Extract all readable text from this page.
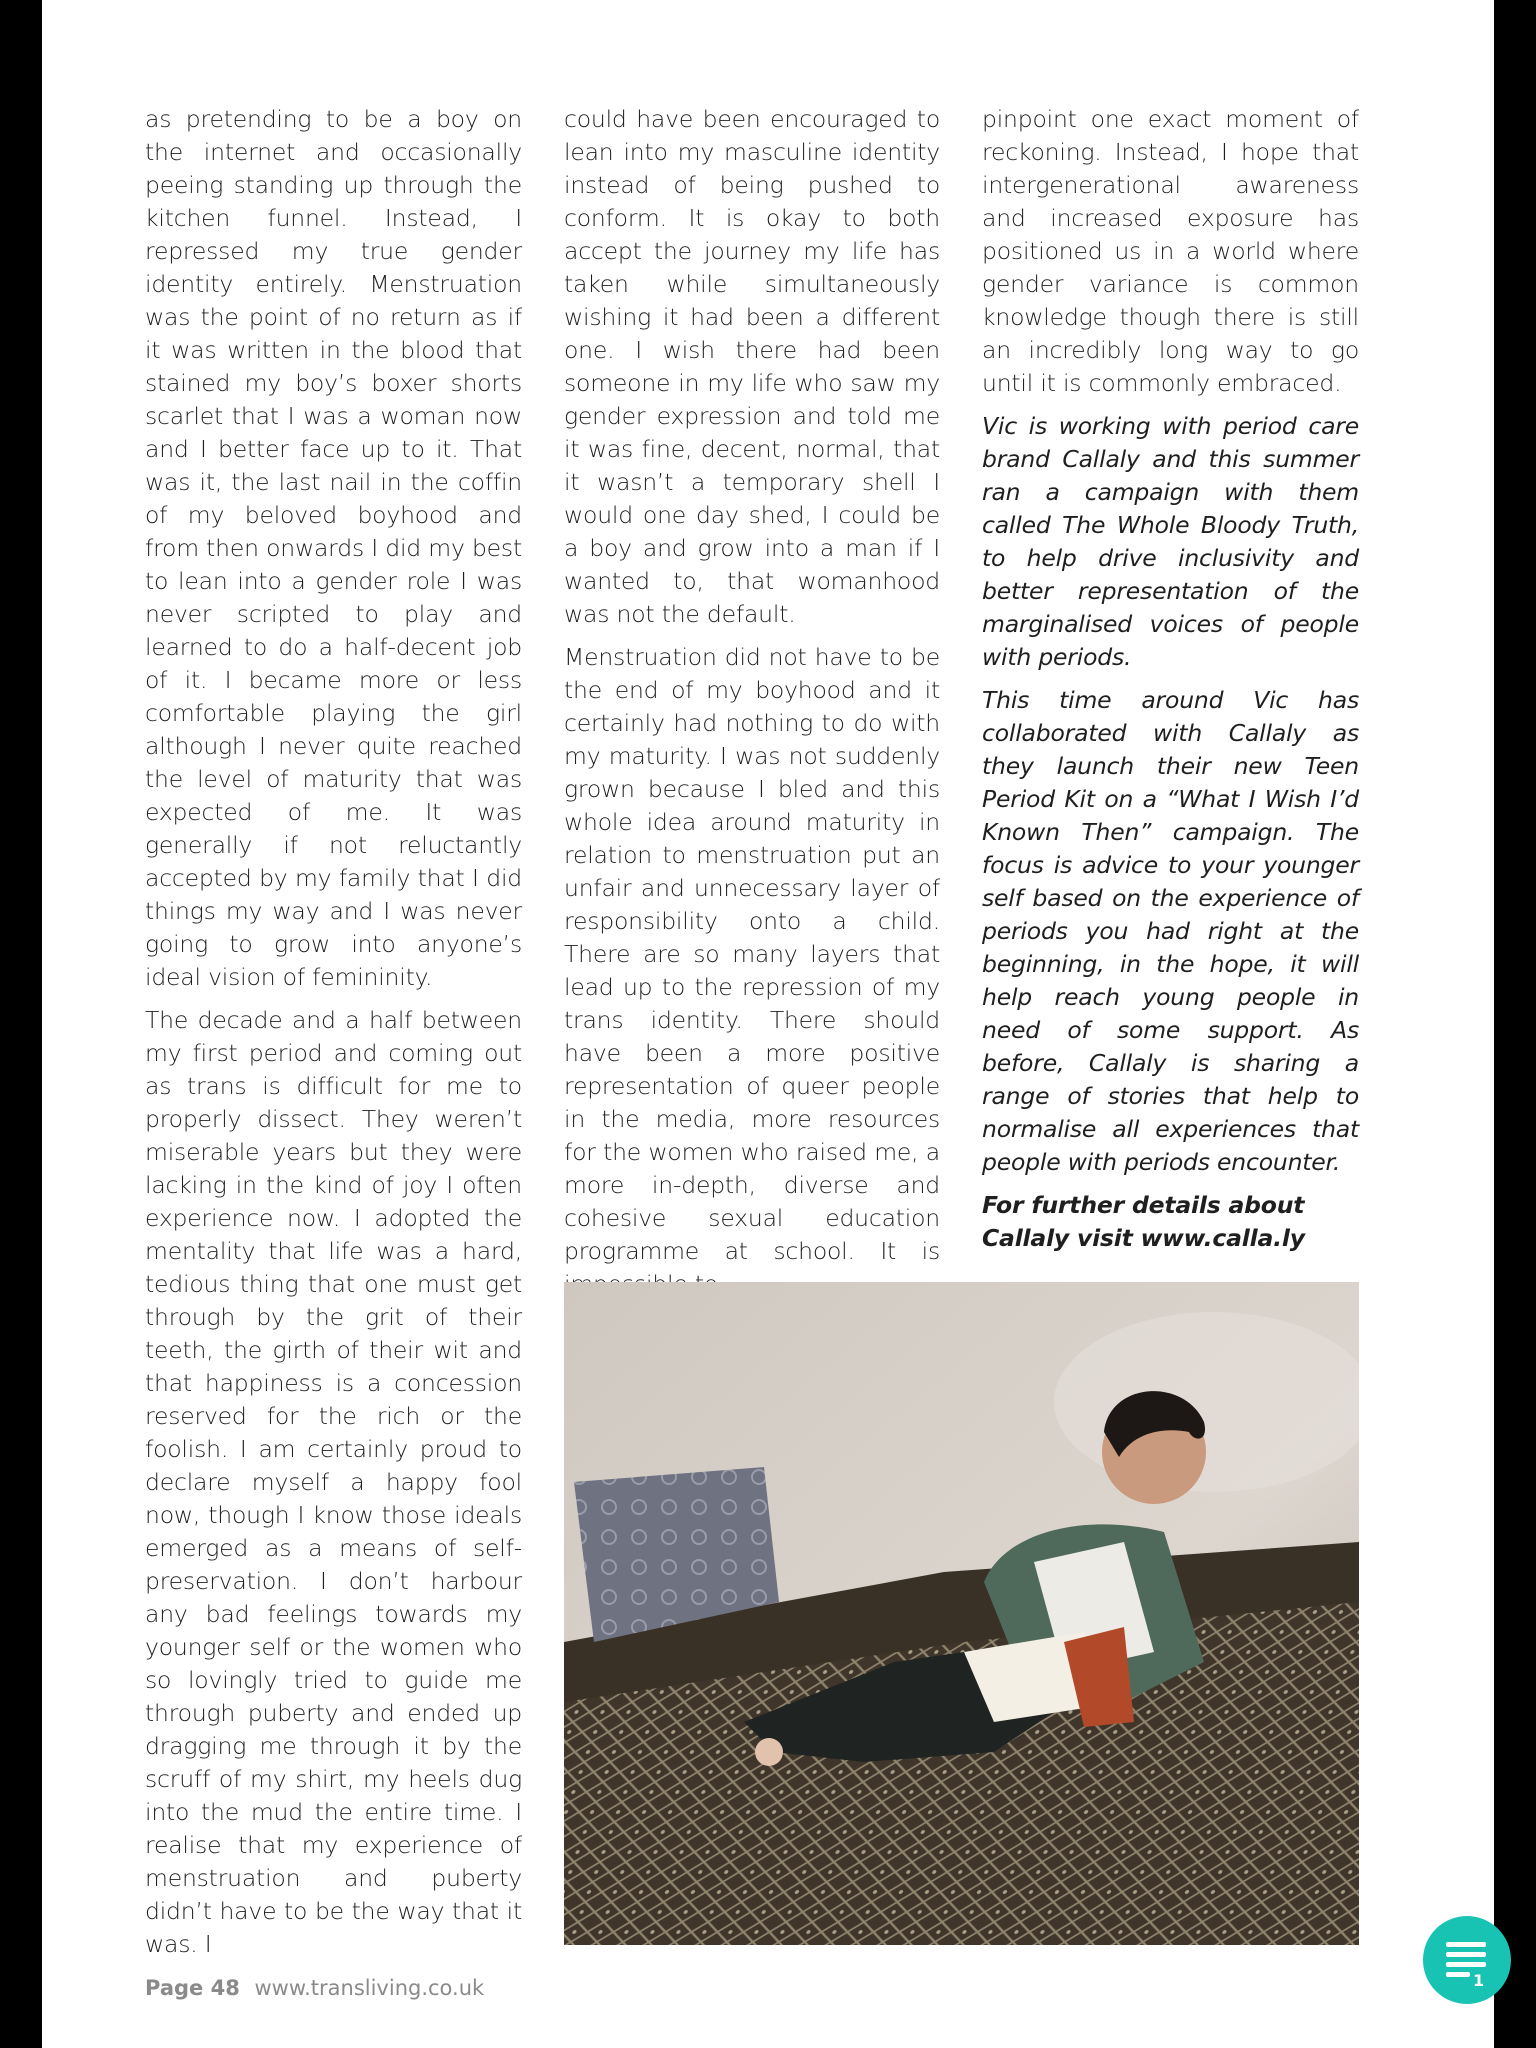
as pretending to be a boy on the internet and occasionally peeing standing up through the kitchen funnel. Instead, I repressed my true gender identity entirely. Menstruation was the point of no return as if it was written in the blood that stained my boy’s boxer shorts scarlet that I was a woman now and I better face up to it. That was it, the last nail in the coffin of my beloved boyhood and from then onwards I did my best to lean into a gender role I was never scripted to play and learned to do a half-decent job of it. I became more or less comfortable playing the girl although I never quite reached the level of maturity that was expected of me. It was generally if not reluctantly accepted by my family that I did things my way and I was never going to grow into anyone’s ideal vision of femininity.

The decade and a half between my first period and coming out as trans is difficult for me to properly dissect. They weren’t miserable years but they were lacking in the kind of joy I often experience now. I adopted the mentality that life was a hard, tedious thing that one must get through by the grit of their teeth, the girth of their wit and that happiness is a concession reserved for the rich or the foolish. I am certainly proud to declare myself a happy fool now, though I know those ideals emerged as a means of self-preservation. I don’t harbour any bad feelings towards my younger self or the women who so lovingly tried to guide me through puberty and ended up dragging me through it by the scruff of my shirt, my heels dug into the mud the entire time. I realise that my experience of menstruation and puberty didn’t have to be the way that it was. I

could have been encouraged to lean into my masculine identity instead of being pushed to conform. It is okay to both accept the journey my life has taken while simultaneously wishing it had been a different one. I wish there had been someone in my life who saw my gender expression and told me it was fine, decent, normal, that it wasn’t a temporary shell I would one day shed, I could be a boy and grow into a man if I wanted to, that womanhood was not the default.

Menstruation did not have to be the end of my boyhood and it certainly had nothing to do with my maturity. I was not suddenly grown because I bled and this whole idea around maturity in relation to menstruation put an unfair and unnecessary layer of responsibility onto a child. There are so many layers that lead up to the repression of my trans identity. There should have been a more positive representation of queer people in the media, more resources for the women who raised me, a more in-depth, diverse and cohesive sexual education programme at school. It is

pinpoint one exact moment of reckoning. Instead, I hope that intergenerational awareness and increased exposure has positioned us in a world where gender variance is common knowledge though there is still an incredibly long way to go until it is commonly embraced.

Vic is working with period care brand Callaly and this summer ran a campaign with them called The Whole Bloody Truth, to help drive inclusivity and better representation of the marginalised voices of people with periods.

This time around Vic has collaborated with Callaly as they launch their new Teen Period Kit on a “What I Wish I’d Known Then” campaign. The focus is advice to your younger self based on the experience of periods you had right at the beginning, in the hope, it will help reach young people in need of some support. As before, Callaly is sharing a range of stories that help to normalise all experiences that people with periods encounter.

For further details about Callaly visit www.calla.ly

Page 48 www.transliving.co.uk	1
